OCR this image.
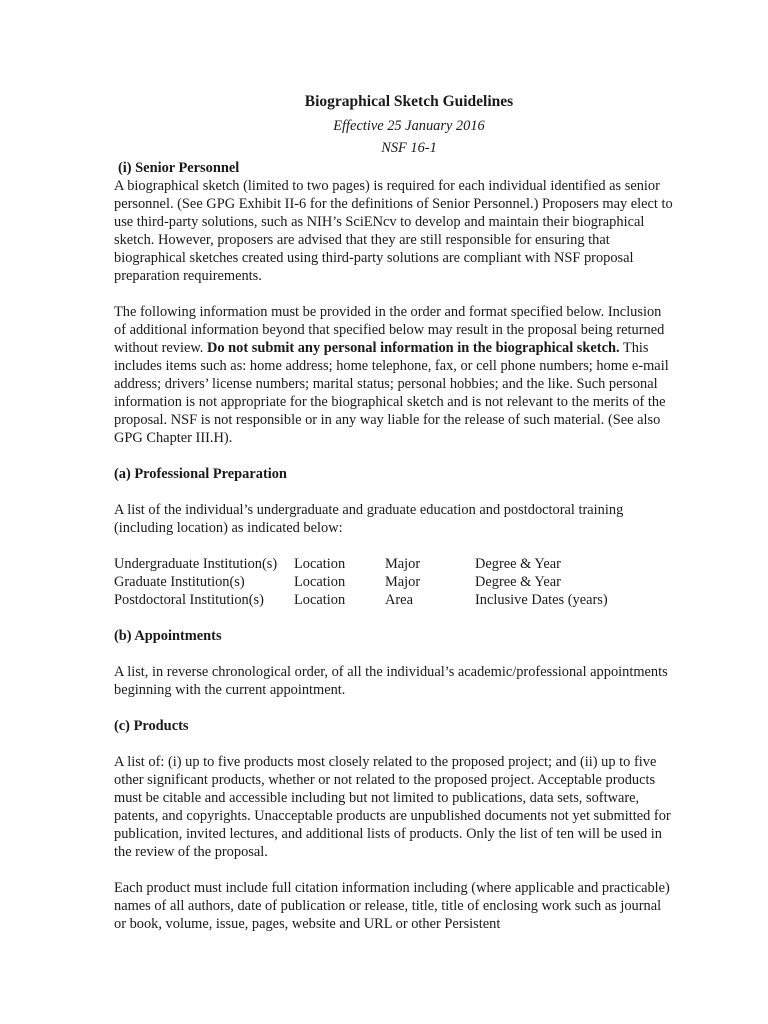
Biographical Sketch Guidelines
Effective 25 January 2016
NSF 16-1
(i) Senior Personnel

A biographical sketch (limited to two pages) is required for each individual identified as senior personnel. (See GPG Exhibit II-6 for the definitions of Senior Personnel.) Proposers may elect to use third-party solutions, such as NIH’s SciENcv to develop and maintain their biographical sketch. However, proposers are advised that they are still responsible for ensuring that biographical sketches created using third-party solutions are compliant with NSF proposal preparation requirements.

The following information must be provided in the order and format specified below. Inclusion of additional information beyond that specified below may result in the proposal being returned without review. Do not submit any personal information in the biographical sketch. This includes items such as: home address; home telephone, fax, or cell phone numbers; home e-mail address; drivers’ license numbers; marital status; personal hobbies; and the like. Such personal information is not appropriate for the biographical sketch and is not relevant to the merits of the proposal. NSF is not responsible or in any way liable for the release of such material. (See also GPG Chapter III.H).

(a) Professional Preparation

A list of the individual’s undergraduate and graduate education and postdoctoral training (including location) as indicated below:

Undergraduate Institution(s)	Location	Major	Degree & Year
Graduate Institution(s)	Location	Major	Degree & Year
Postdoctoral Institution(s)	Location	Area	Inclusive Dates (years)
(b) Appointments

A list, in reverse chronological order, of all the individual’s academic/professional appointments beginning with the current appointment.

(c) Products

A list of: (i) up to five products most closely related to the proposed project; and (ii) up to five other significant products, whether or not related to the proposed project. Acceptable products must be citable and accessible including but not limited to publications, data sets, software, patents, and copyrights. Unacceptable products are unpublished documents not yet submitted for publication, invited lectures, and additional lists of products. Only the list of ten will be used in the review of the proposal.

Each product must include full citation information including (where applicable and practicable) names of all authors, date of publication or release, title, title of enclosing work such as journal or book, volume, issue, pages, website and URL or other Persistent
